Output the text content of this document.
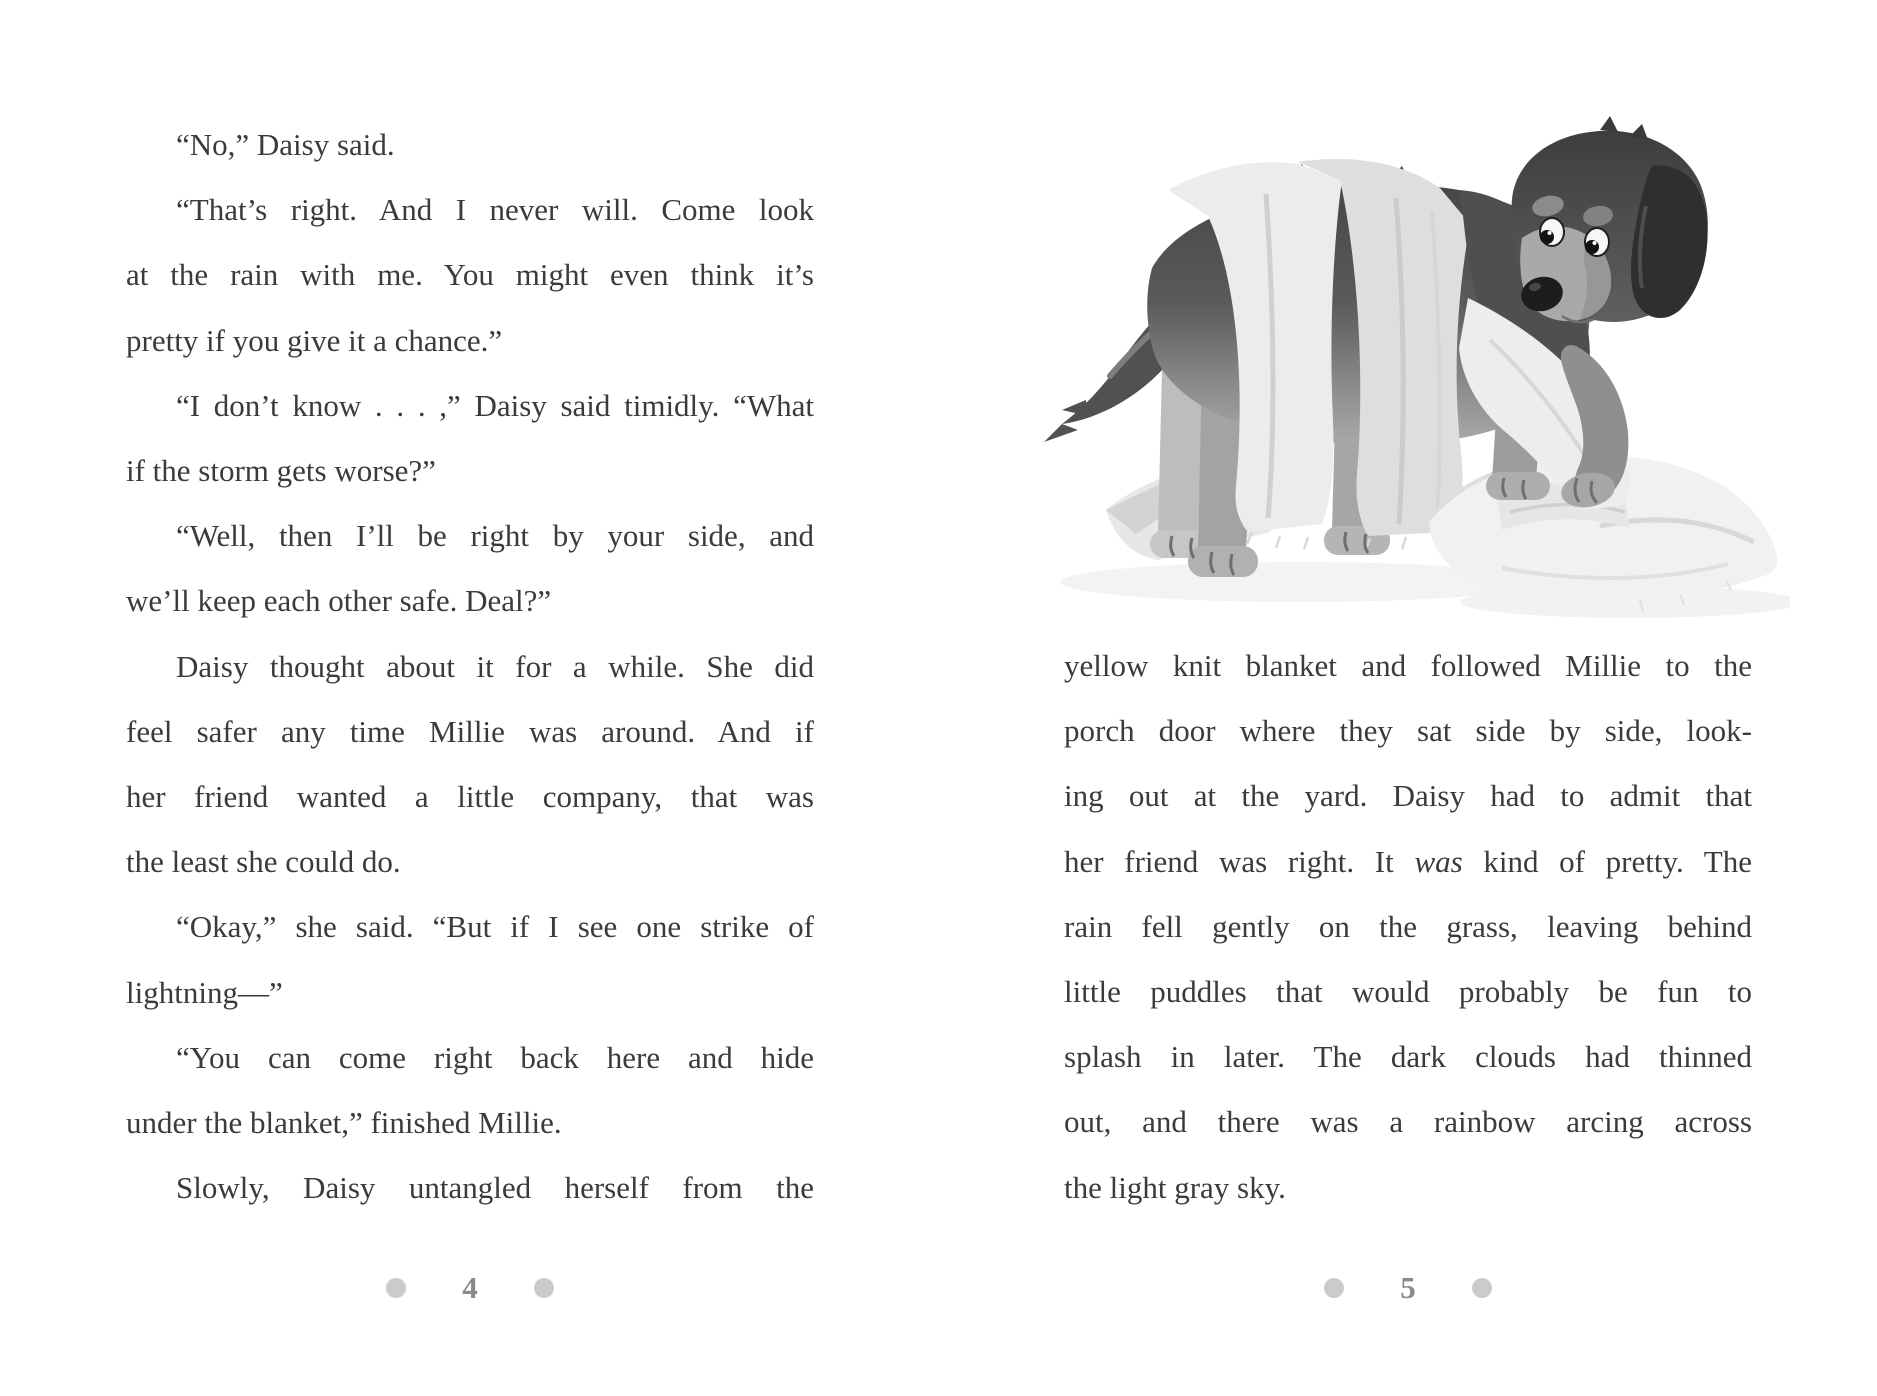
“No,” Daisy said.
“That’s right. And I never will. Come look
at the rain with me. You might even think it’s
pretty if you give it a chance.”
“I don’t know . . . ,” Daisy said timidly. “What
if the storm gets worse?”
“Well, then I’ll be right by your side, and
we’ll keep each other safe. Deal?”
Daisy thought about it for a while. She did
feel safer any time Millie was around. And if
her friend wanted a little company, that was
the least she could do.
“Okay,” she said. “But if I see one strike of
lightning—”
“You can come right back here and hide
under the blanket,” finished Millie.
Slowly, Daisy untangled herself from the
yellow knit blanket and followed Millie to the
porch door where they sat side by side, look-
ing out at the yard. Daisy had to admit that
her friend was right. It was kind of pretty. The
rain fell gently on the grass, leaving behind
little puddles that would probably be fun to
splash in later. The dark clouds had thinned
out, and there was a rainbow arcing across
the light gray sky.
4	5
